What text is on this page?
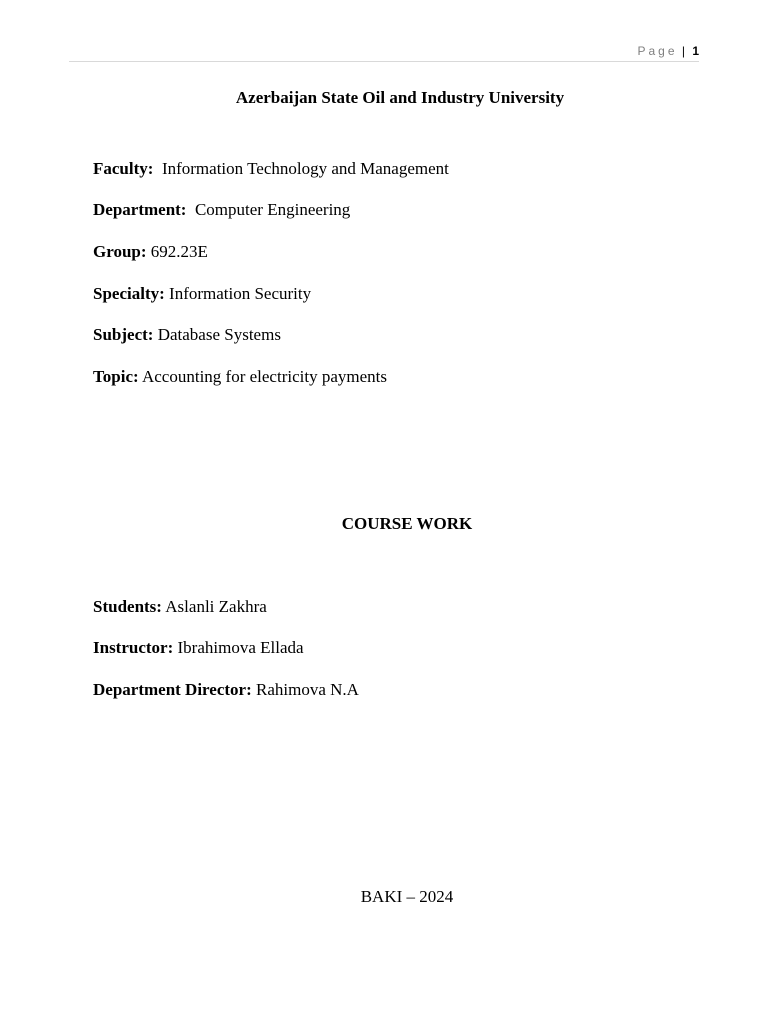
Page | 1
Azerbaijan State Oil and Industry University
Faculty: Information Technology and Management
Department: Computer Engineering
Group: 692.23E
Specialty: Information Security
Subject: Database Systems
Topic: Accounting for electricity payments
COURSE WORK
Students: Aslanli Zakhra
Instructor: Ibrahimova Ellada
Department Director: Rahimova N.A
BAKI – 2024
